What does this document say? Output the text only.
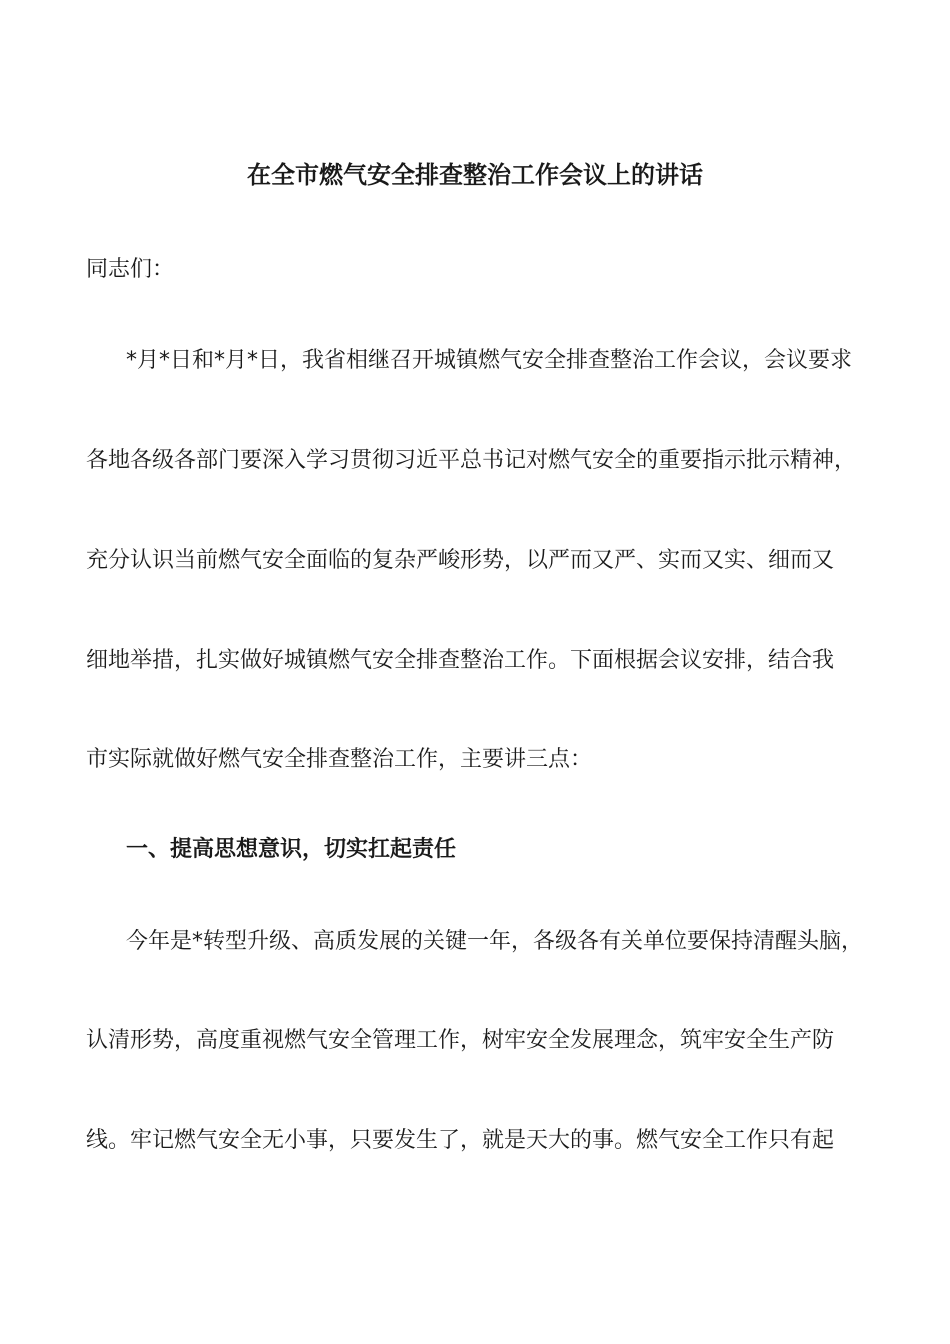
在全市燃气安全排查整治工作会议上的讲话
同志们：
*月*日和*月*日，我省相继召开城镇燃气安全排查整治工作会议，会议要求
各地各级各部门要深入学习贯彻习近平总书记对燃气安全的重要指示批示精神，
充分认识当前燃气安全面临的复杂严峻形势，以严而又严、实而又实、细而又
细地举措，扎实做好城镇燃气安全排查整治工作。下面根据会议安排，结合我
市实际就做好燃气安全排查整治工作，主要讲三点：
一、提高思想意识，切实扛起责任
今年是*转型升级、高质发展的关键一年，各级各有关单位要保持清醒头脑，
认清形势，高度重视燃气安全管理工作，树牢安全发展理念，筑牢安全生产防
线。牢记燃气安全无小事，只要发生了，就是天大的事。燃气安全工作只有起
